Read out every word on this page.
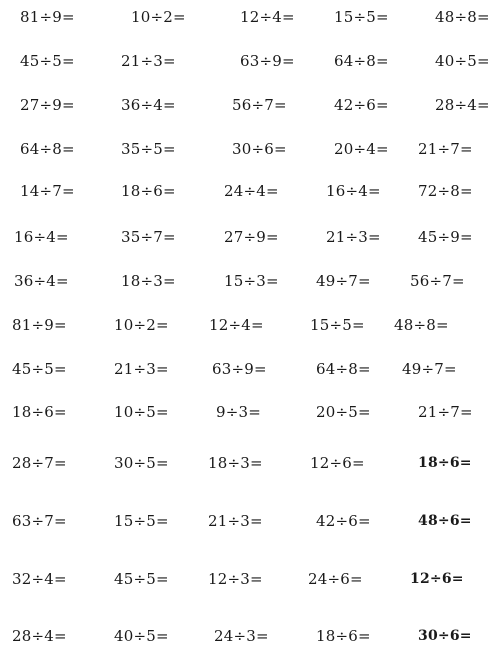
81÷9=	10÷2=	12÷4=	15÷5=	48÷8=
45÷5=	21÷3=	63÷9=	64÷8=	40÷5=
27÷9=	36÷4=	56÷7=	42÷6=	28÷4=
64÷8=	35÷5=	30÷6=	20÷4= 21÷7=
14÷7=	18÷6=	24÷4=	16÷4= 72÷8=
16÷4=	35÷7=	27÷9=	21÷3= 45÷9=
36÷4=	18÷3=	15÷3= 49÷7=	56÷7=
81÷9=	10÷2=	12÷4=	15÷5= 48÷8=
45÷5=	21÷3=	63÷9=	64÷8= 49÷7=
18÷6=	10÷5=	9÷3=	20÷5=	21÷7=
28÷7=	30÷5=	18÷3=	12÷6=	18÷6=
63÷7=	15÷5=	21÷3=	42÷6=	48÷6=
32÷4=	45÷5=	12÷3=	24÷6=	12÷6=
28÷4=	40÷5=	24÷3=	18÷6=	30÷6=
